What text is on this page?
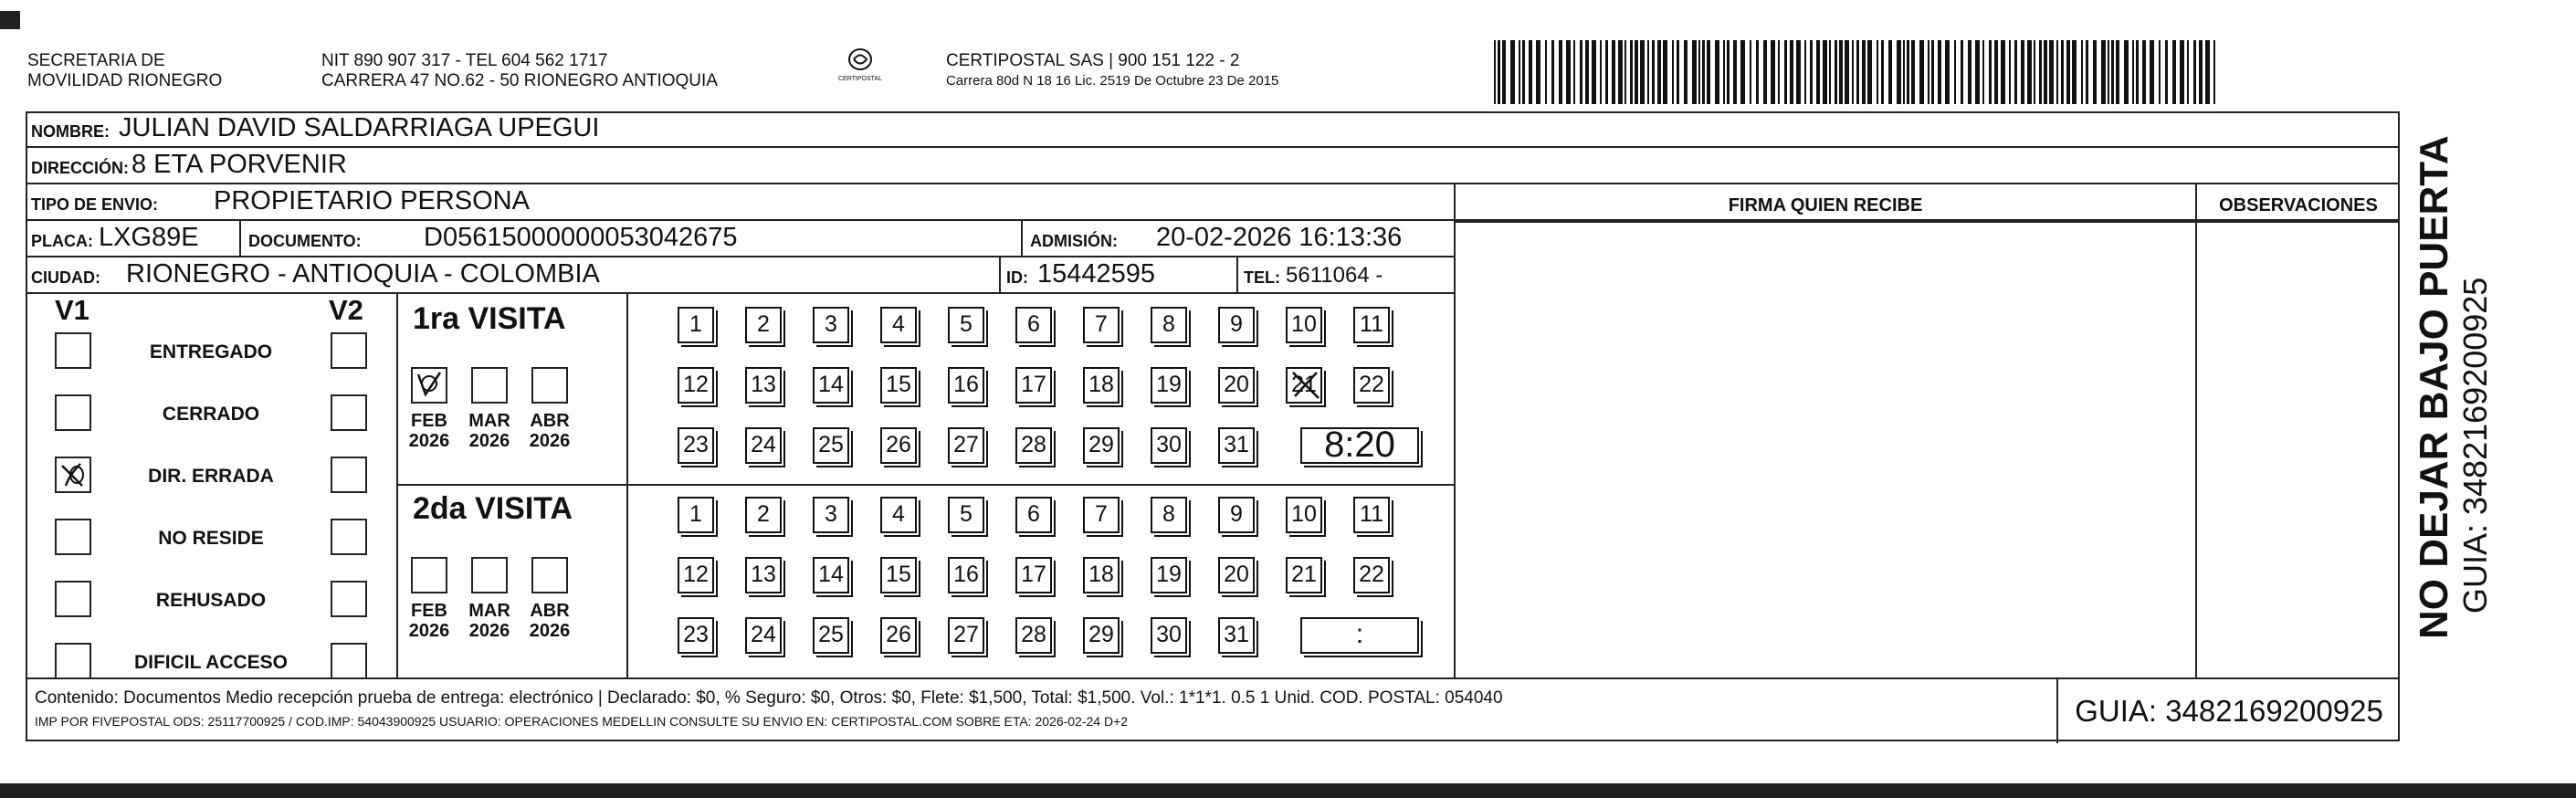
SECRETARIA DE
MOVILIDAD RIONEGRO
NIT 890 907 317 - TEL 604 562 1717
CARRERA 47 NO.62 - 50 RIONEGRO ANTIOQUIA	CERTIPOSTAL
CERTIPOSTAL SAS | 900 151 122 - 2
Carrera 80d N 18 16 Lic. 2519 De Octubre 23 De 2015
NOMBRE: JULIAN DAVID SALDARRIAGA UPEGUI
DIRECCIÓN: 8 ETA PORVENIR
TIPO DE ENVIO: PROPIETARIO PERSONA	FIRMA QUIEN RECIBE	OBSERVACIONES
PLACA: LXG89E	DOCUMENTO: D05615000000053042675	ADMISIÓN: 20-02-2026 16:13:36
CIUDAD: RIONEGRO - ANTIOQUIA - COLOMBIA	ID: 15442595	TEL: 5611064 -
V1	V2
ENTREGADO
CERRADO
DIR. ERRADA
NO RESIDE
REHUSADO
DIFICIL ACCESO
1ra VISITA
2da VISITA
FEB
2026
MAR
2026
ABR
2026
1	2	3	4	5	6	7	8	9	10 11
12 13 14 15 16 17 18 19 20 21 22
23 24 25 26 27 28 29 30 31	8:20
FEB
2026
MAR
2026
ABR
2026
1	2	3	4	5	6	7	8	9	10 11
12 13 14 15 16 17 18 19 20 21 22
23 24 25 26 27 28 29 30 31	:
Contenido: Documentos Medio recepción prueba de entrega: electrónico | Declarado: $0, % Seguro: $0, Otros: $0, Flete: $1,500, Total: $1,500. Vol.: 1*1*1. 0.5 1 Unid. COD. POSTAL: 054040
IMP POR FIVEPOSTAL ODS: 25117700925 / COD.IMP: 54043900925 USUARIO: OPERACIONES MEDELLIN CONSULTE SU ENVIO EN: CERTIPOSTAL.COM SOBRE ETA: 2026-02-24 D+2	GUIA: 3482169200925
NO DEJAR BAJO PUERTA GUIA: 3482169200925
